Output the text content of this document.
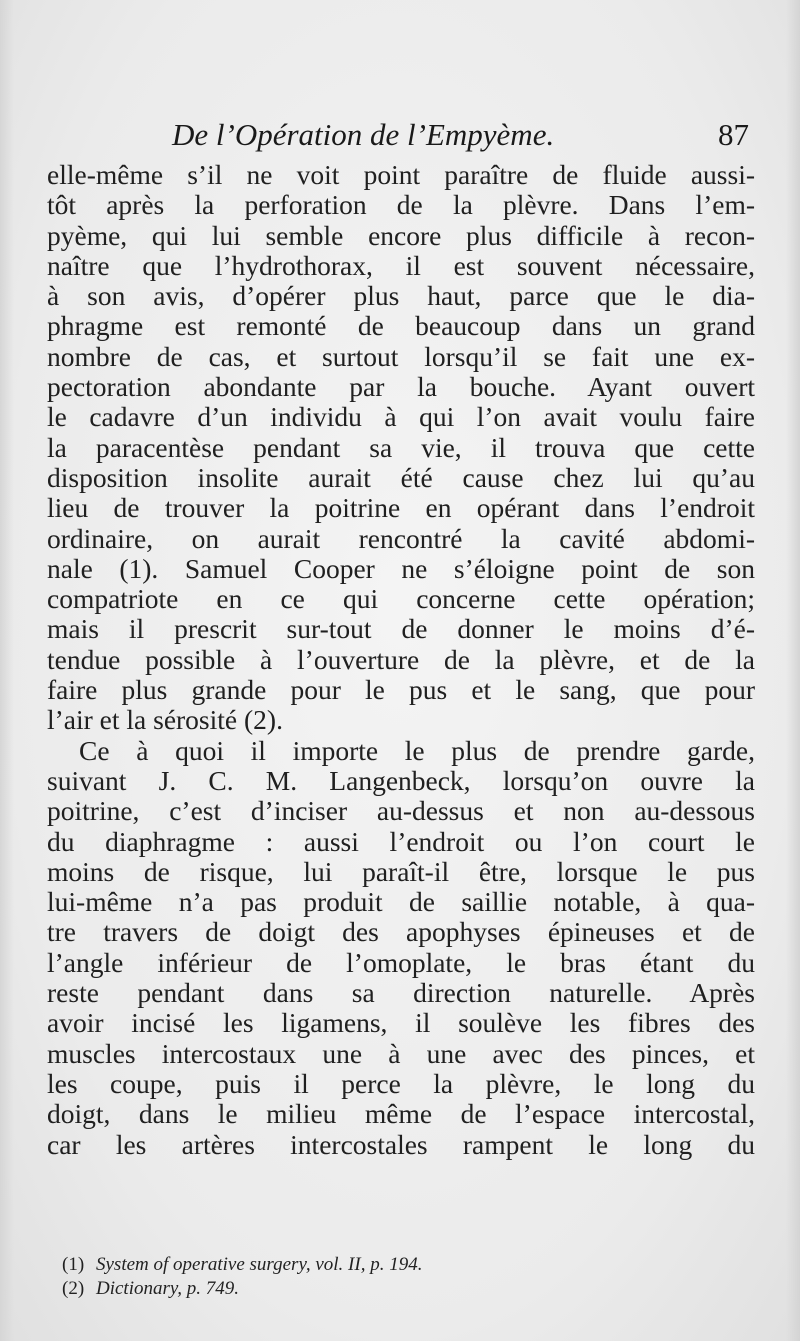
De l’Opération de l’Empyème.	87
elle-même s’il ne voit point paraître de fluide aussi-
tôt après la perforation de la plèvre. Dans l’em-
pyème, qui lui semble encore plus difficile à recon-
naître que l’hydrothorax, il est souvent nécessaire,
à son avis, d’opérer plus haut, parce que le dia-
phragme est remonté de beaucoup dans un grand
nombre de cas, et surtout lorsqu’il se fait une ex-
pectoration abondante par la bouche. Ayant ouvert
le cadavre d’un individu à qui l’on avait voulu faire
la paracentèse pendant sa vie, il trouva que cette
disposition insolite aurait été cause chez lui qu’au
lieu de trouver la poitrine en opérant dans l’endroit
ordinaire, on aurait rencontré la cavité abdomi-
nale (1). Samuel Cooper ne s’éloigne point de son
compatriote en ce qui concerne cette opération;
mais il prescrit sur-tout de donner le moins d’é-
tendue possible à l’ouverture de la plèvre, et de la
faire plus grande pour le pus et le sang, que pour
l’air et la sérosité (2).
Ce à quoi il importe le plus de prendre garde,
suivant J. C. M. Langenbeck, lorsqu’on ouvre la
poitrine, c’est d’inciser au-dessus et non au-dessous
du diaphragme : aussi l’endroit ou l’on court le
moins de risque, lui paraît-il être, lorsque le pus
lui-même n’a pas produit de saillie notable, à qua-
tre travers de doigt des apophyses épineuses et de
l’angle inférieur de l’omoplate, le bras étant du
reste pendant dans sa direction naturelle. Après
avoir incisé les ligamens, il soulève les fibres des
muscles intercostaux une à une avec des pinces, et
les coupe, puis il perce la plèvre, le long du
doigt, dans le milieu même de l’espace intercostal,
car les artères intercostales rampent le long du
(1) System of operative surgery, vol. II, p. 194.
(2) Dictionary, p. 749.
